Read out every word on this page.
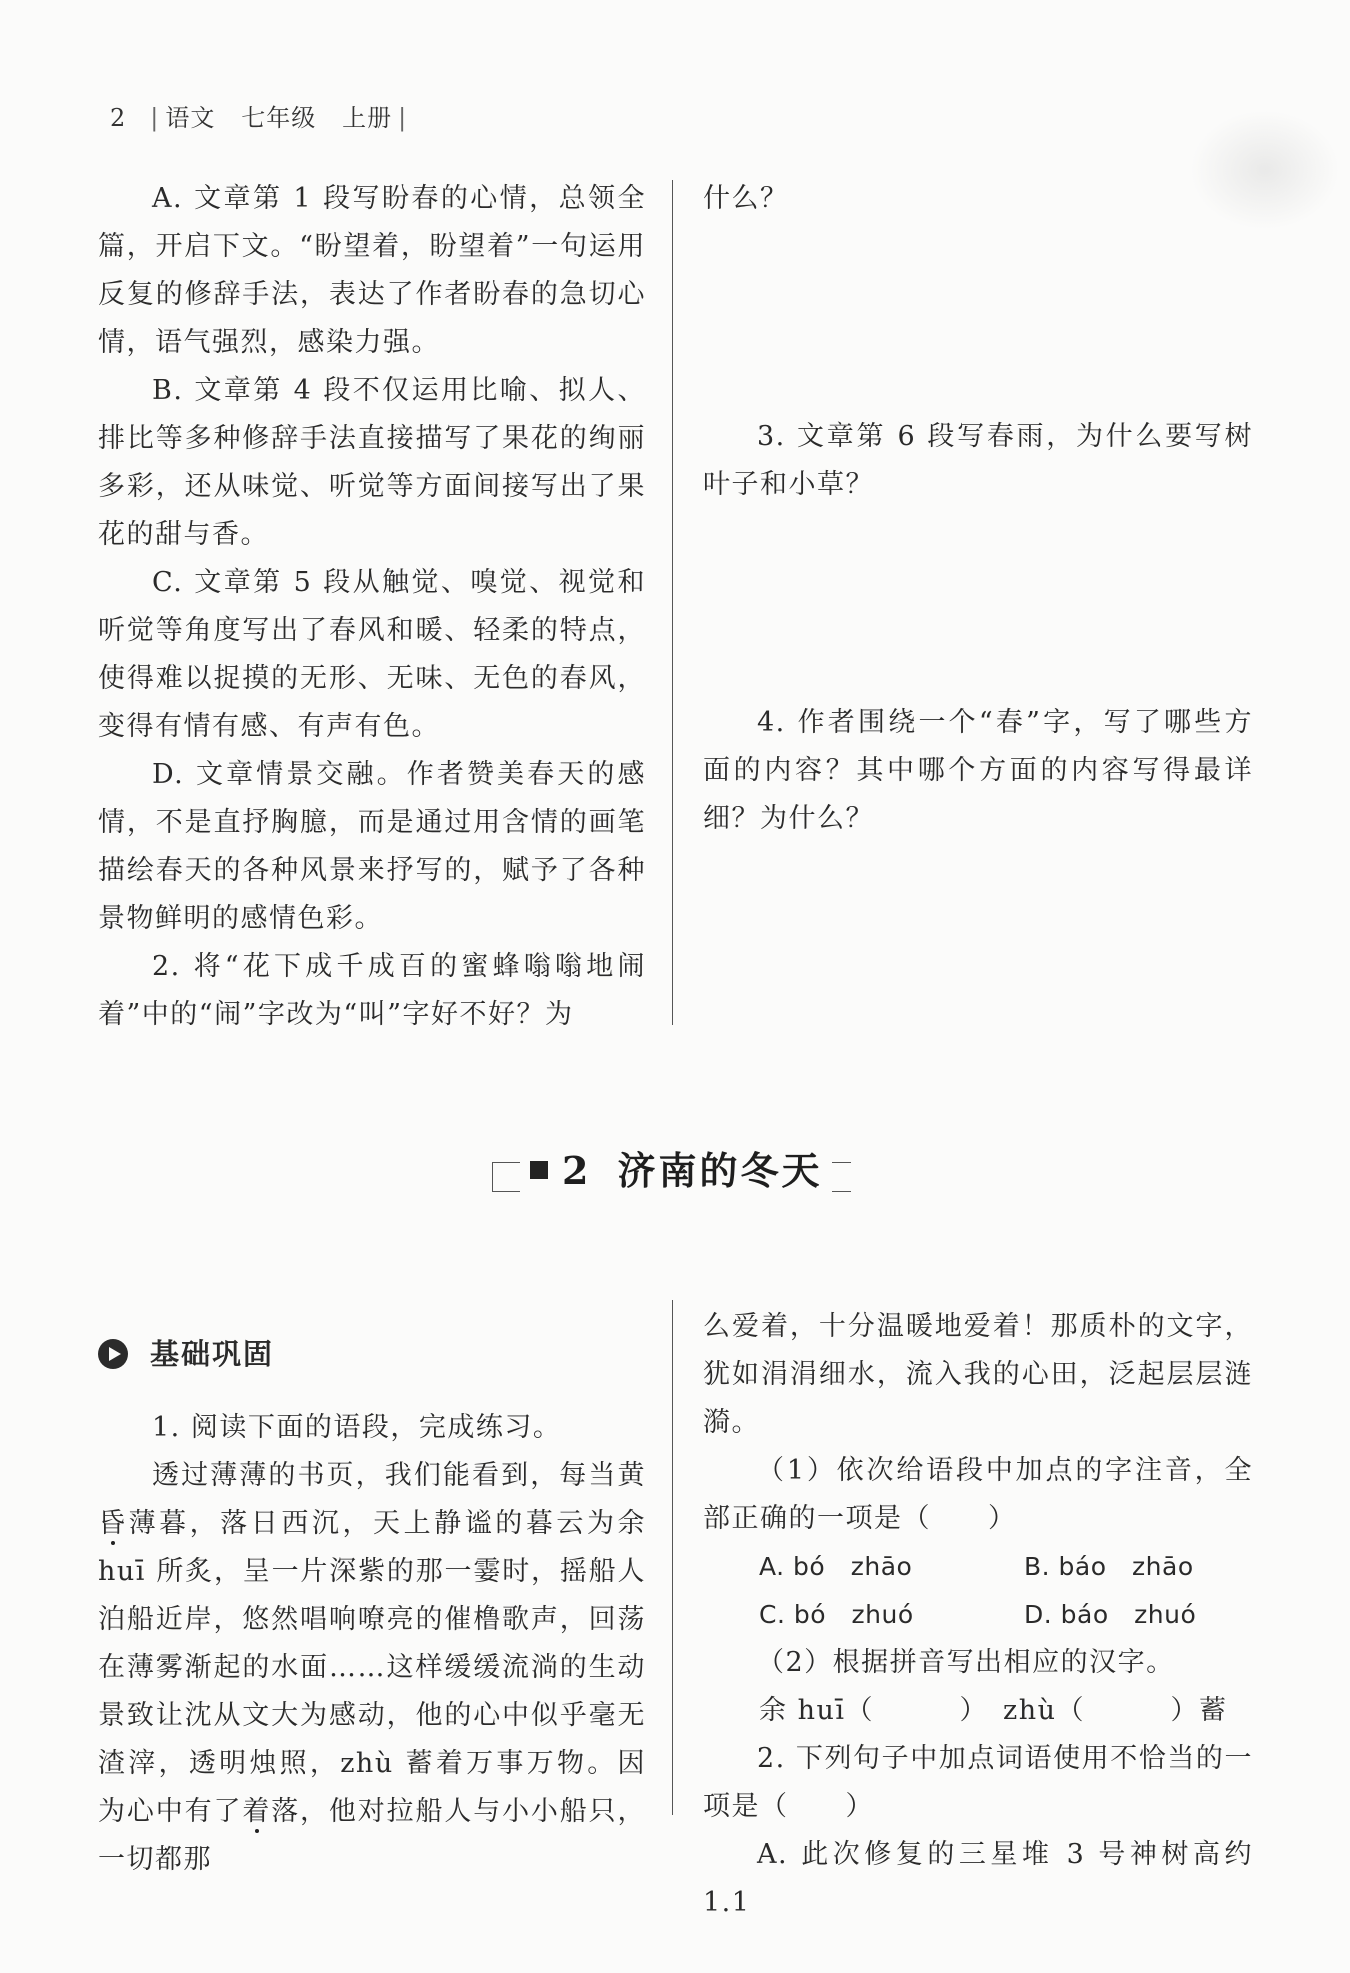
2 | 语文 七年级 上册 |

A. 文章第 1 段写盼春的心情，总领全篇，开启下文。“盼望着，盼望着”一句运用反复的修辞手法，表达了作者盼春的急切心情，语气强烈，感染力强。

B. 文章第 4 段不仅运用比喻、拟人、排比等多种修辞手法直接描写了果花的绚丽多彩，还从味觉、听觉等方面间接写出了果花的甜与香。

C. 文章第 5 段从触觉、嗅觉、视觉和听觉等角度写出了春风和暖、轻柔的特点，使得难以捉摸的无形、无味、无色的春风，变得有情有感、有声有色。

D. 文章情景交融。作者赞美春天的感情，不是直抒胸臆，而是通过用含情的画笔描绘春天的各种风景来抒写的，赋予了各种景物鲜明的感情色彩。

2. 将“花下成千成百的蜜蜂嗡嗡地闹着”中的“闹”字改为“叫”字好不好？为

什么？

3. 文章第 6 段写春雨，为什么要写树叶子和小草？

4. 作者围绕一个“春”字，写了哪些方面的内容？其中哪个方面的内容写得最详细？为什么？

2 济南的冬天
基础巩固

1. 阅读下面的语段，完成练习。

透过薄薄的书页，我们能看到，每当黄昏薄暮，落日西沉，天上静谧的暮云为余 huī 所炙，呈一片深紫的那一霎时，摇船人泊船近岸，悠然唱响嘹亮的催橹歌声，回荡在薄雾渐起的水面……这样缓缓流淌的生动景致让沈从文大为感动，他的心中似乎毫无渣滓，透明烛照，zhù 蓄着万事万物。因为心中有了着落，他对拉船人与小小船只，一切都那

么爱着，十分温暖地爱着！那质朴的文字，犹如涓涓细水，流入我的心田，泛起层层涟漪。

（1）依次给语段中加点的字注音，全部正确的一项是（　　）

A. bó　zhāo	B. báo　zhāo
C. bó　zhuó	D. báo　zhuó

（2）根据拼音写出相应的汉字。

余 huī（　　　）　zhù（　　　）蓄

2. 下列句子中加点词语使用不恰当的一项是（　　）

A. 此次修复的三星堆 3 号神树高约 1.1
